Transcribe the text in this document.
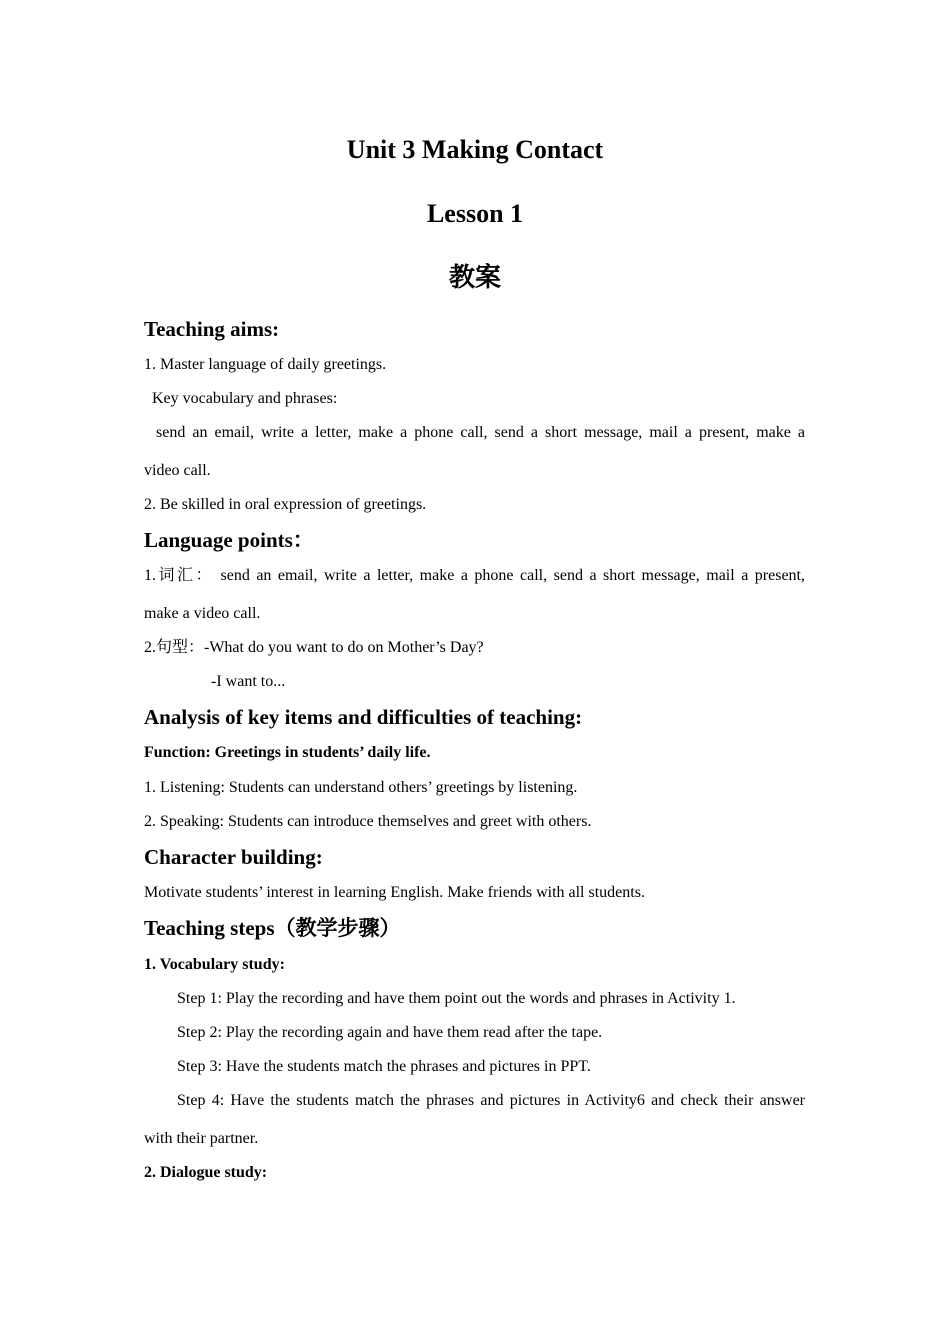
Unit 3 Making Contact
Lesson 1
教案
Teaching aims:
1. Master language of daily greetings.
Key vocabulary and phrases:
send an email, write a letter, make a phone call, send a short message, mail a present, make a
video call.
2. Be skilled in oral expression of greetings.
Language points：
1.词汇： send an email, write a letter, make a phone call, send a short message, mail a present,
make a video call.
2.句型：-What do you want to do on Mother’s Day?
-I want to...
Analysis of key items and difficulties of teaching:
Function: Greetings in students’ daily life.
1. Listening: Students can understand others’ greetings by listening.
2. Speaking: Students can introduce themselves and greet with others.
Character building:
Motivate students’ interest in learning English. Make friends with all students.
Teaching steps（教学步骤）
1. Vocabulary study:
Step 1: Play the recording and have them point out the words and phrases in Activity 1.
Step 2: Play the recording again and have them read after the tape.
Step 3: Have the students match the phrases and pictures in PPT.
Step 4: Have the students match the phrases and pictures in Activity6 and check their answer
with their partner.
2. Dialogue study:
